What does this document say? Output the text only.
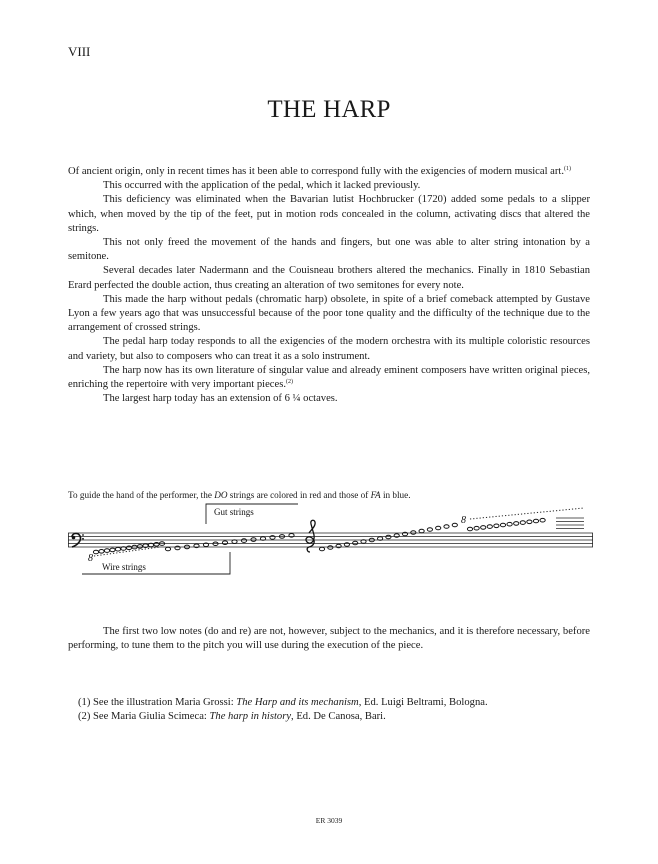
VIII
THE HARP

Of ancient origin, only in recent times has it been able to correspond fully with the exigencies of modern musical art.$^{(1)}$

This occurred with the application of the pedal, which it lacked previously.

This deficiency was eliminated when the Bavarian lutist Hochbrucker (1720) added some pedals to a slipper which, when moved by the tip of the feet, put in motion rods concealed in the column, activating discs that altered the strings.

This not only freed the movement of the hands and fingers, but one was able to alter string intonation by a semitone.

Several decades later Nadermann and the Couisneau brothers altered the mechanics. Finally in 1810 Sebastian Erard perfected the double action, thus creating an alteration of two semitones for every note.

This made the harp without pedals (chromatic harp) obsolete, in spite of a brief comeback attempted by Gustave Lyon a few years ago that was unsuccessful because of the poor tone quality and the difficulty of the technique due to the arrangement of crossed strings.

The pedal harp today responds to all the exigencies of the modern orchestra with its multiple coloristic resources and variety, but also to composers who can treat it as a solo instrument.

The harp now has its own literature of singular value and already eminent composers have written original pieces, enriching the repertoire with very important pieces.$^{(2)}$

The largest harp today has an extension of 6 ¼ octaves.

To guide the hand of the performer, the DO strings are colored in red and those of FA in blue.
8
8
Gut strings
Wire strings

The first two low notes (do and re) are not, however, subject to the mechanics, and it is therefore necessary, before performing, to tune them to the pitch you will use during the execution of the piece.

(1) See the illustration Maria Grossi: The Harp and its mechanism, Ed. Luigi Beltrami, Bologna.
(2) See Maria Giulia Scimeca: The harp in history, Ed. De Canosa, Bari.
ER 3039
